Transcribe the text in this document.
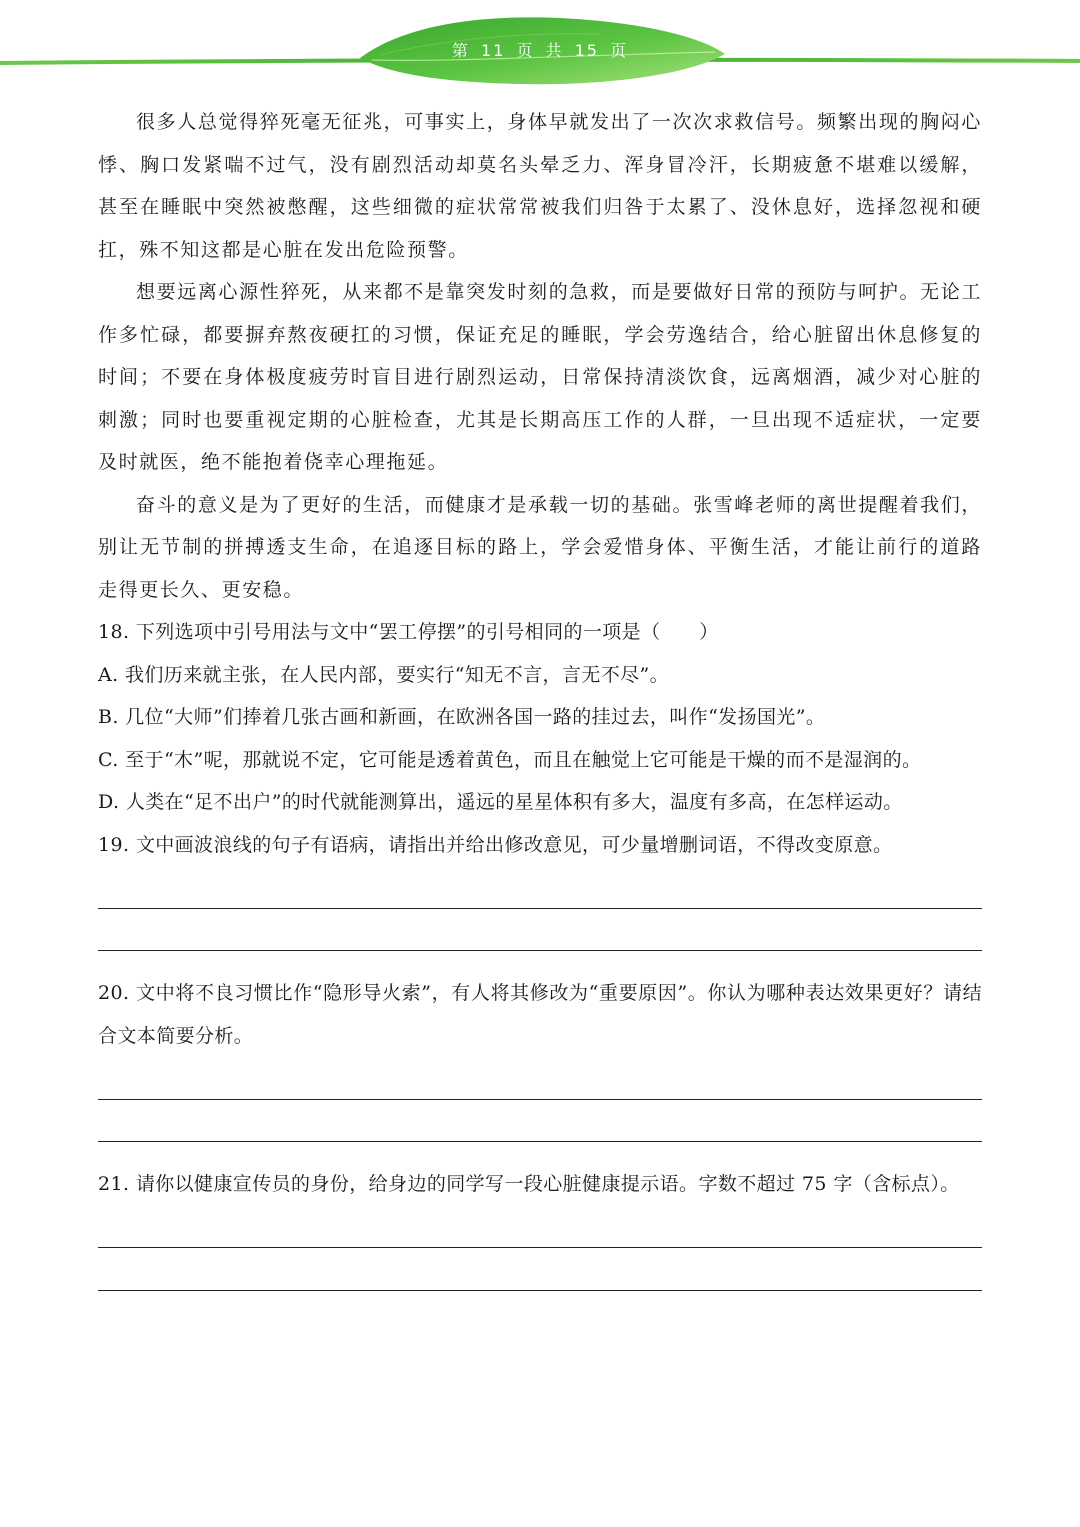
第 11 页 共 15 页

很多人总觉得猝死毫无征兆，可事实上，身体早就发出了一次次求救信号。频繁出现的胸闷心悸、胸口发紧喘不过气，没有剧烈活动却莫名头晕乏力、浑身冒冷汗，长期疲惫不堪难以缓解，甚至在睡眠中突然被憋醒，这些细微的症状常常被我们归咎于太累了、没休息好，选择忽视和硬扛，殊不知这都是心脏在发出危险预警。

想要远离心源性猝死，从来都不是靠突发时刻的急救，而是要做好日常的预防与呵护。无论工作多忙碌，都要摒弃熬夜硬扛的习惯，保证充足的睡眠，学会劳逸结合，给心脏留出休息修复的时间；不要在身体极度疲劳时盲目进行剧烈运动，日常保持清淡饮食，远离烟酒，减少对心脏的刺激；同时也要重视定期的心脏检查，尤其是长期高压工作的人群，一旦出现不适症状，一定要及时就医，绝不能抱着侥幸心理拖延。

奋斗的意义是为了更好的生活，而健康才是承载一切的基础。张雪峰老师的离世提醒着我们，别让无节制的拼搏透支生命，在追逐目标的路上，学会爱惜身体、平衡生活，才能让前行的道路走得更长久、更安稳。

18. 下列选项中引号用法与文中“罢工停摆”的引号相同的一项是（　　）

A. 我们历来就主张，在人民内部，要实行“知无不言，言无不尽”。

B. 几位“大师”们捧着几张古画和新画，在欧洲各国一路的挂过去，叫作“发扬国光”。

C. 至于“木”呢，那就说不定，它可能是透着黄色，而且在触觉上它可能是干燥的而不是湿润的。

D. 人类在“足不出户”的时代就能测算出，遥远的星星体积有多大，温度有多高，在怎样运动。

19. 文中画波浪线的句子有语病，请指出并给出修改意见，可少量增删词语，不得改变原意。

20. 文中将不良习惯比作“隐形导火索”，有人将其修改为“重要原因”。你认为哪种表达效果更好？请结合文本简要分析。

21. 请你以健康宣传员的身份，给身边的同学写一段心脏健康提示语。字数不超过 75 字（含标点）。
